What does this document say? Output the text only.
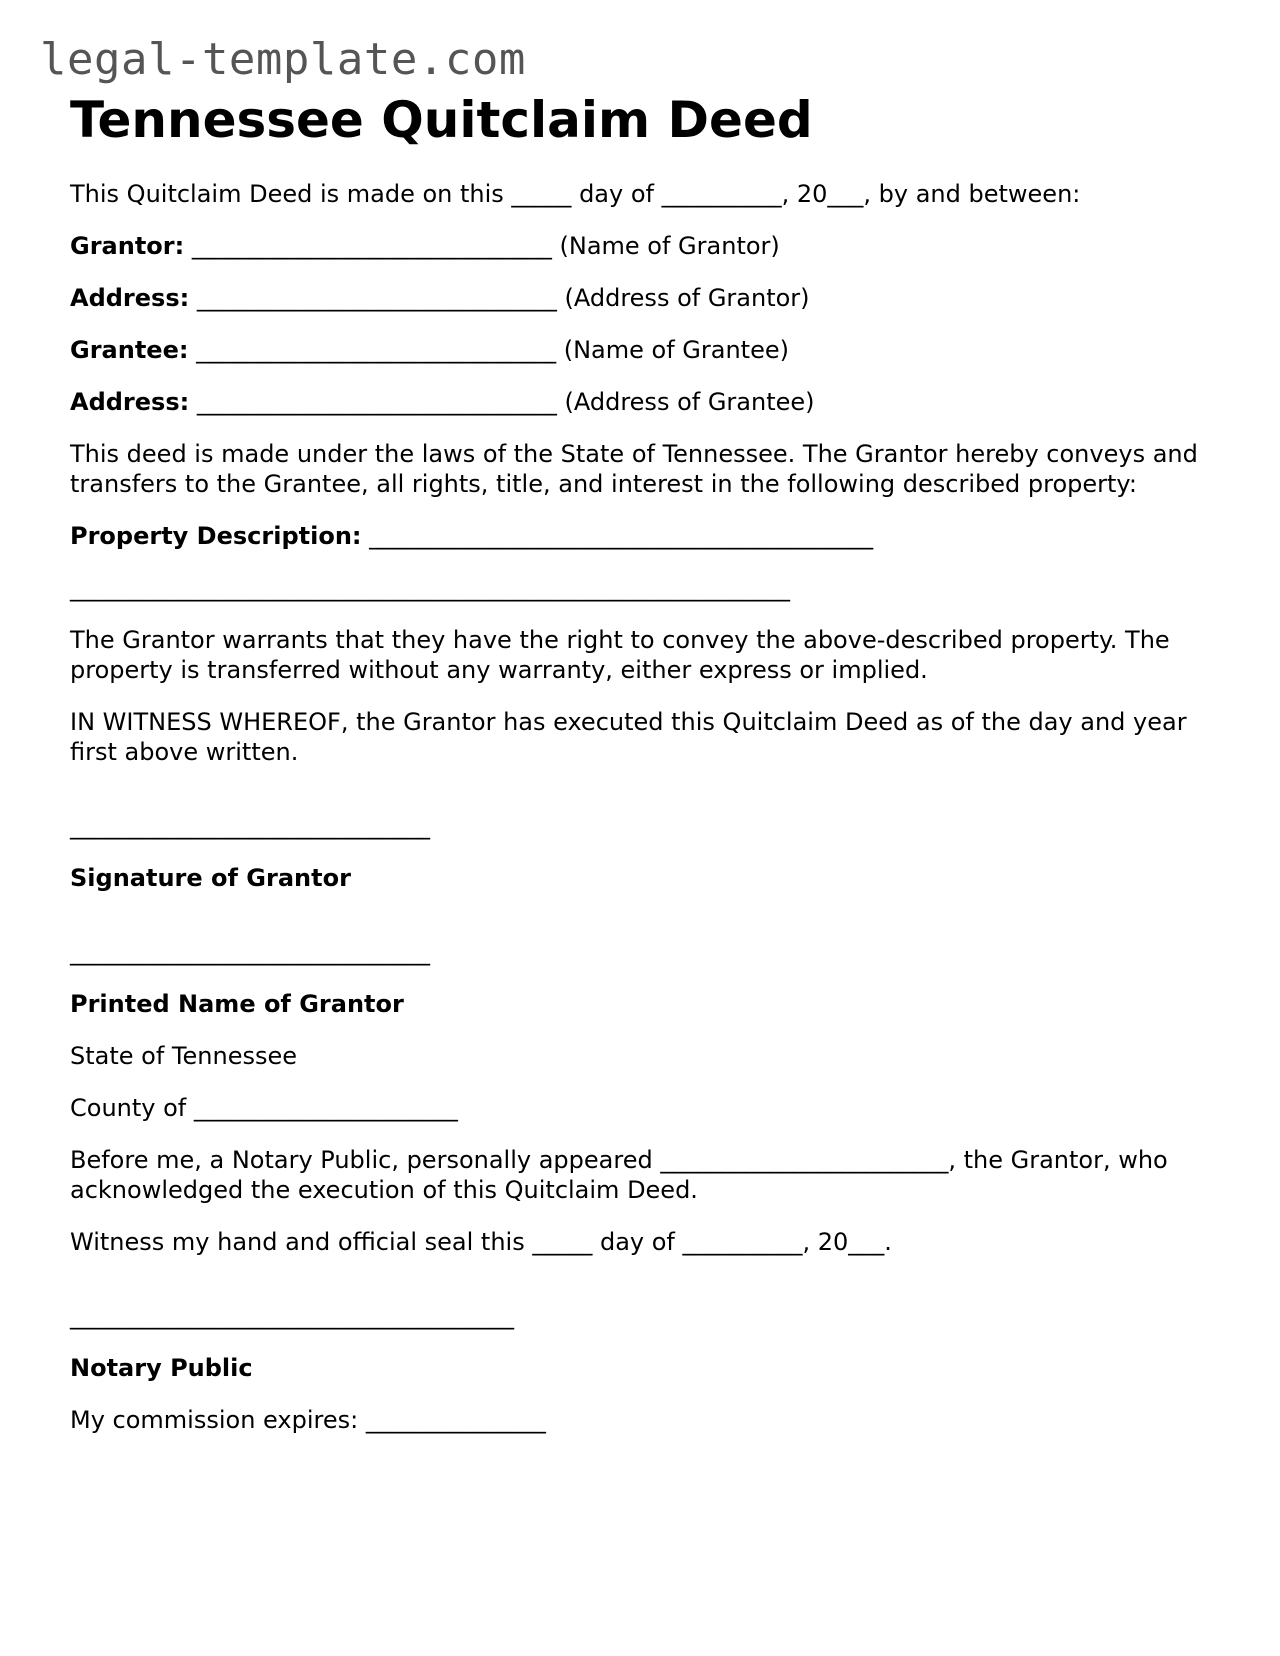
legal-template.com
Tennessee Quitclaim Deed

This Quitclaim Deed is made on this _____ day of __________, 20___, by and between:

Grantor: ______________________________ (Name of Grantor)

Address: ______________________________ (Address of Grantor)

Grantee: ______________________________ (Name of Grantee)

Address: ______________________________ (Address of Grantee)

This deed is made under the laws of the State of Tennessee. The Grantor hereby conveys and transfers to the Grantee, all rights, title, and interest in the following described property:

Property Description: __________________________________________

____________________________________________________________

The Grantor warrants that they have the right to convey the above-described property. The property is transferred without any warranty, either express or implied.

IN WITNESS WHEREOF, the Grantor has executed this Quitclaim Deed as of the day and year first above written.

______________________________

Signature of Grantor

______________________________

Printed Name of Grantor

State of Tennessee

County of ______________________

Before me, a Notary Public, personally appeared ________________________, the Grantor, who acknowledged the execution of this Quitclaim Deed.

Witness my hand and official seal this _____ day of __________, 20___.

_____________________________________

Notary Public

My commission expires: _______________
